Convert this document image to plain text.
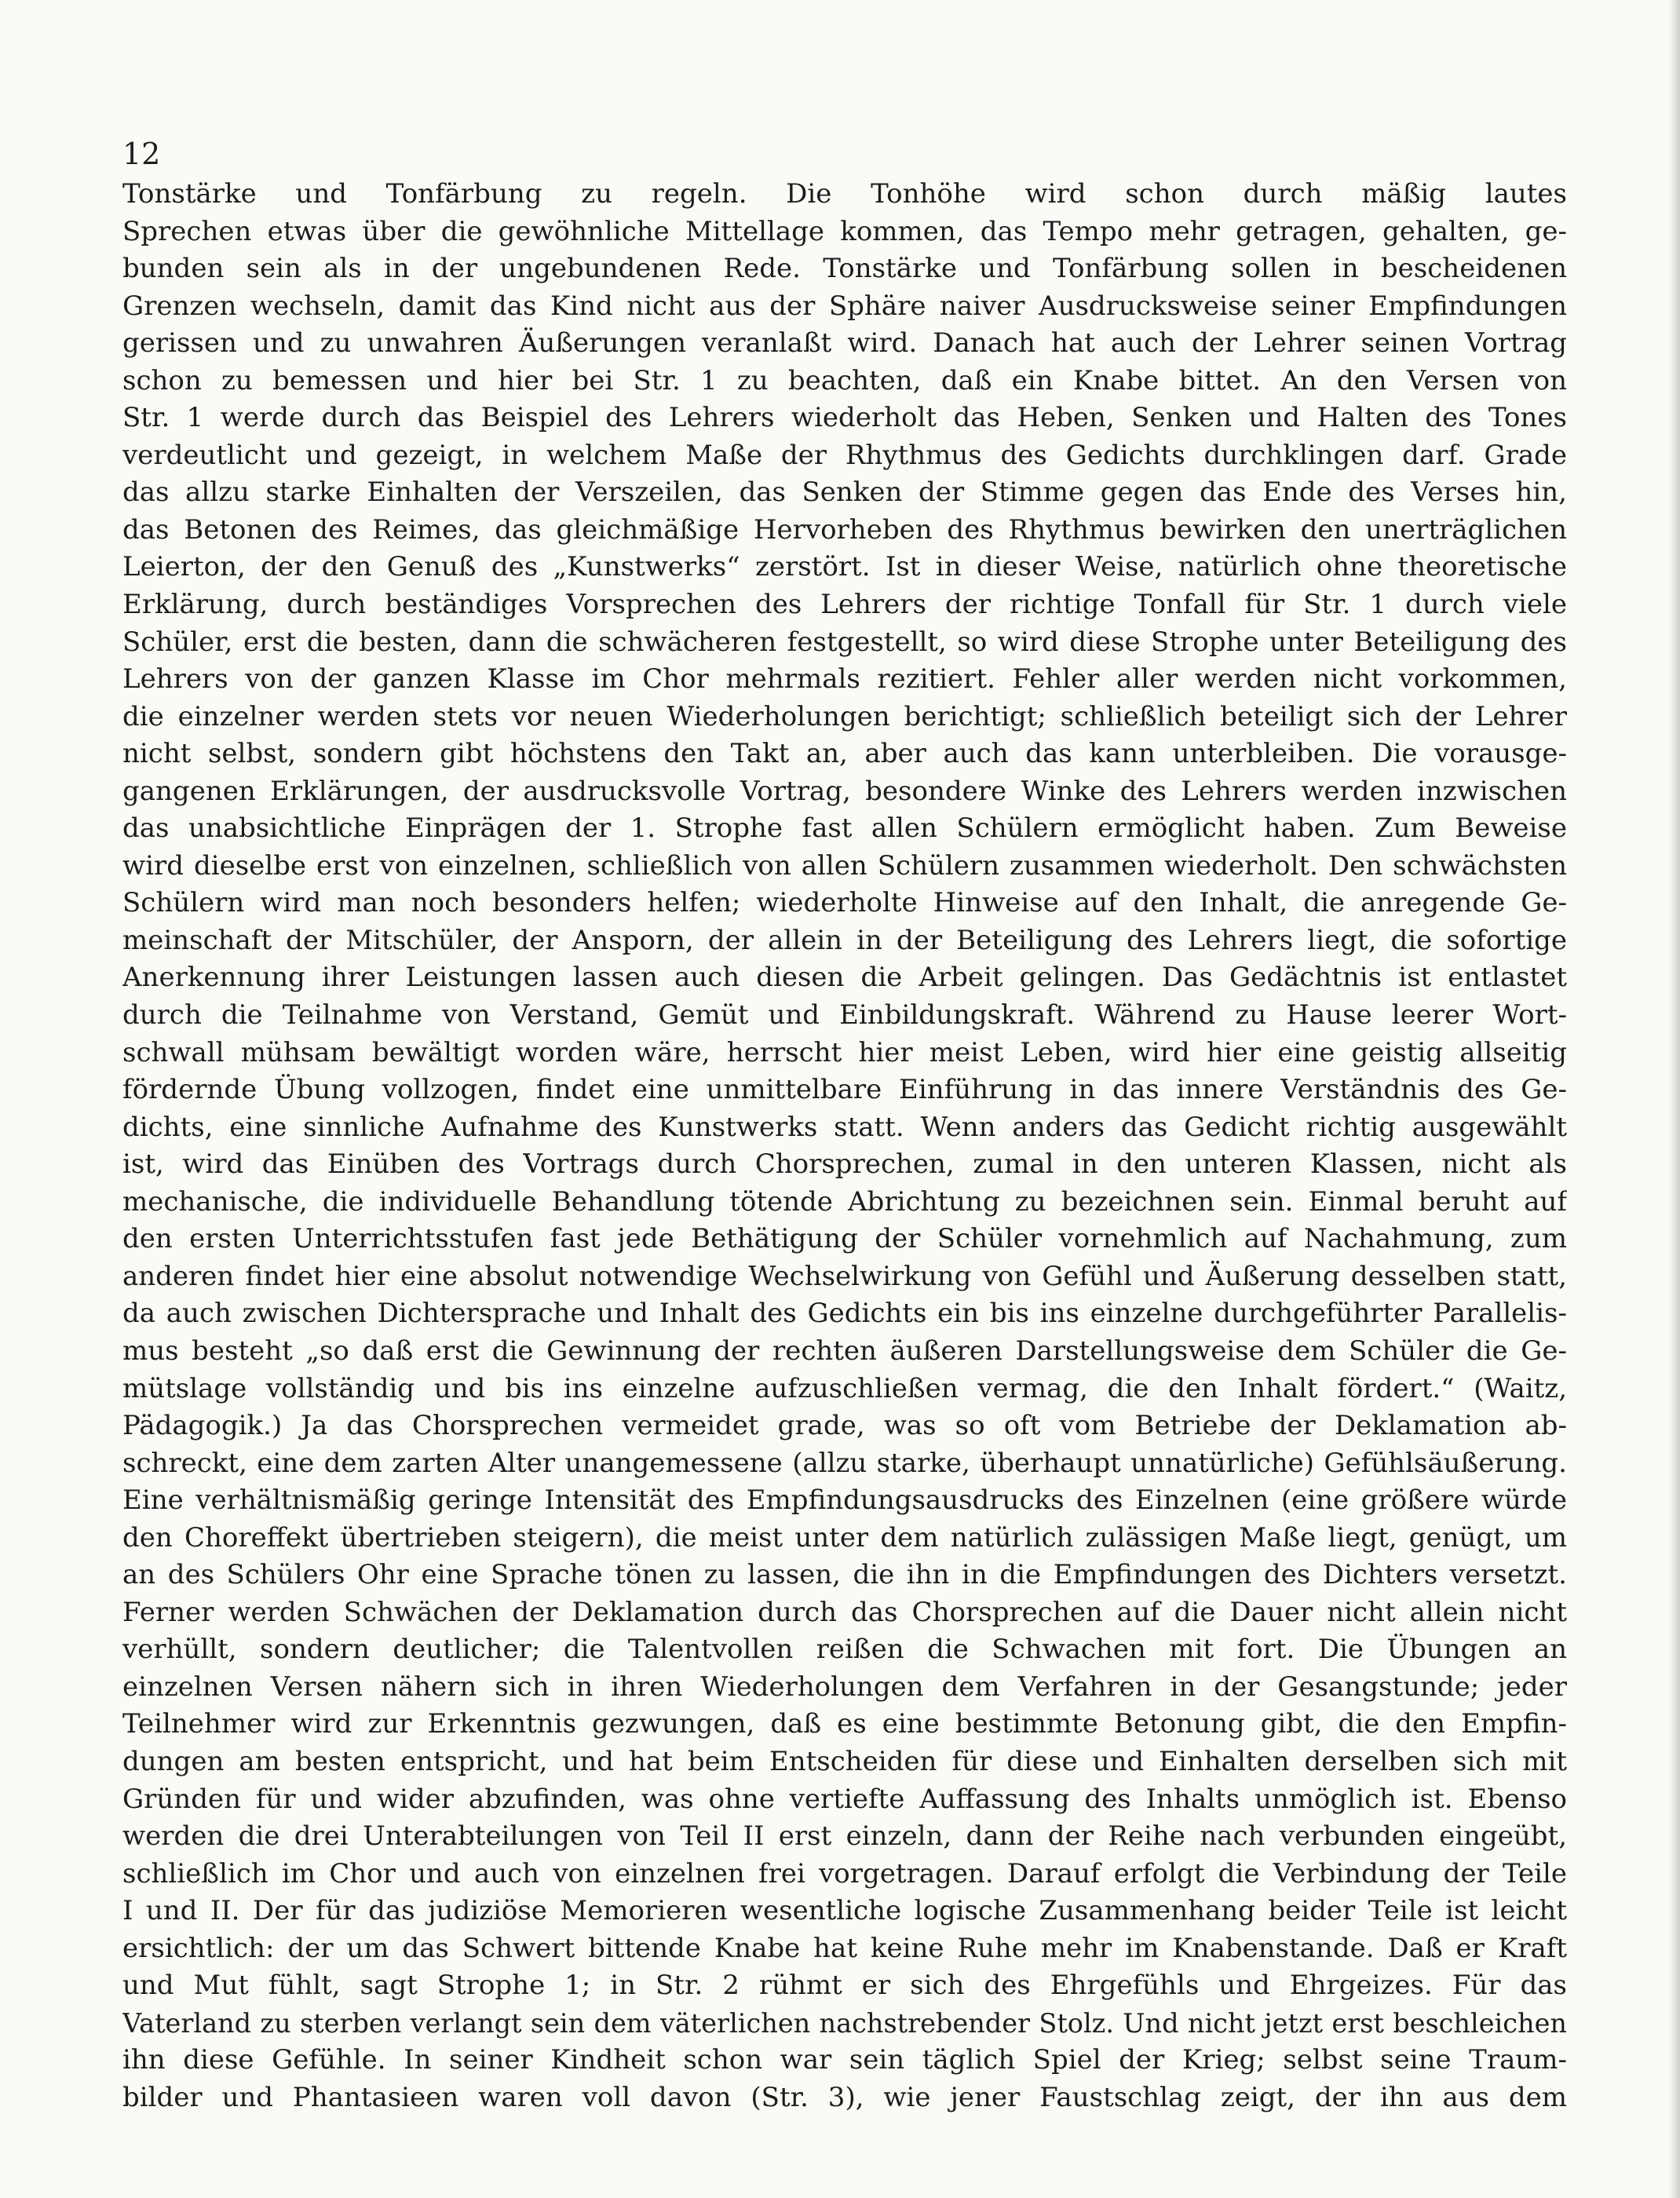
12
Tonstärke und Tonfärbung zu regeln. Die Tonhöhe wird schon durch mäßig lautes
Sprechen etwas über die gewöhnliche Mittellage kommen, das Tempo mehr getragen, gehalten, ge-
bunden sein als in der ungebundenen Rede. Tonstärke und Tonfärbung sollen in bescheidenen
Grenzen wechseln, damit das Kind nicht aus der Sphäre naiver Ausdrucksweise seiner Empfindungen
gerissen und zu unwahren Äußerungen veranlaßt wird. Danach hat auch der Lehrer seinen Vortrag
schon zu bemessen und hier bei Str. 1 zu beachten, daß ein Knabe bittet. An den Versen von
Str. 1 werde durch das Beispiel des Lehrers wiederholt das Heben, Senken und Halten des Tones
verdeutlicht und gezeigt, in welchem Maße der Rhythmus des Gedichts durchklingen darf. Grade
das allzu starke Einhalten der Verszeilen, das Senken der Stimme gegen das Ende des Verses hin,
das Betonen des Reimes, das gleichmäßige Hervorheben des Rhythmus bewirken den unerträglichen
Leierton, der den Genuß des „Kunstwerks“ zerstört. Ist in dieser Weise, natürlich ohne theoretische
Erklärung, durch beständiges Vorsprechen des Lehrers der richtige Tonfall für Str. 1 durch viele
Schüler, erst die besten, dann die schwächeren festgestellt, so wird diese Strophe unter Beteiligung des
Lehrers von der ganzen Klasse im Chor mehrmals rezitiert. Fehler aller werden nicht vorkommen,
die einzelner werden stets vor neuen Wiederholungen berichtigt; schließlich beteiligt sich der Lehrer
nicht selbst, sondern gibt höchstens den Takt an, aber auch das kann unterbleiben. Die vorausge-
gangenen Erklärungen, der ausdrucksvolle Vortrag, besondere Winke des Lehrers werden inzwischen
das unabsichtliche Einprägen der 1. Strophe fast allen Schülern ermöglicht haben. Zum Beweise
wird dieselbe erst von einzelnen, schließlich von allen Schülern zusammen wiederholt. Den schwächsten
Schülern wird man noch besonders helfen; wiederholte Hinweise auf den Inhalt, die anregende Ge-
meinschaft der Mitschüler, der Ansporn, der allein in der Beteiligung des Lehrers liegt, die sofortige
Anerkennung ihrer Leistungen lassen auch diesen die Arbeit gelingen. Das Gedächtnis ist entlastet
durch die Teilnahme von Verstand, Gemüt und Einbildungskraft. Während zu Hause leerer Wort-
schwall mühsam bewältigt worden wäre, herrscht hier meist Leben, wird hier eine geistig allseitig
fördernde Übung vollzogen, findet eine unmittelbare Einführung in das innere Verständnis des Ge-
dichts, eine sinnliche Aufnahme des Kunstwerks statt. Wenn anders das Gedicht richtig ausgewählt
ist, wird das Einüben des Vortrags durch Chorsprechen, zumal in den unteren Klassen, nicht als
mechanische, die individuelle Behandlung tötende Abrichtung zu bezeichnen sein. Einmal beruht auf
den ersten Unterrichtsstufen fast jede Bethätigung der Schüler vornehmlich auf Nachahmung, zum
anderen findet hier eine absolut notwendige Wechselwirkung von Gefühl und Äußerung desselben statt,
da auch zwischen Dichtersprache und Inhalt des Gedichts ein bis ins einzelne durchgeführter Parallelis-
mus besteht „so daß erst die Gewinnung der rechten äußeren Darstellungsweise dem Schüler die Ge-
mütslage vollständig und bis ins einzelne aufzuschließen vermag, die den Inhalt fördert.“ (Waitz,
Pädagogik.) Ja das Chorsprechen vermeidet grade, was so oft vom Betriebe der Deklamation ab-
schreckt, eine dem zarten Alter unangemessene (allzu starke, überhaupt unnatürliche) Gefühlsäußerung.
Eine verhältnismäßig geringe Intensität des Empfindungsausdrucks des Einzelnen (eine größere würde
den Choreffekt übertrieben steigern), die meist unter dem natürlich zulässigen Maße liegt, genügt, um
an des Schülers Ohr eine Sprache tönen zu lassen, die ihn in die Empfindungen des Dichters versetzt.
Ferner werden Schwächen der Deklamation durch das Chorsprechen auf die Dauer nicht allein nicht
verhüllt, sondern deutlicher; die Talentvollen reißen die Schwachen mit fort. Die Übungen an
einzelnen Versen nähern sich in ihren Wiederholungen dem Verfahren in der Gesangstunde; jeder
Teilnehmer wird zur Erkenntnis gezwungen, daß es eine bestimmte Betonung gibt, die den Empfin-
dungen am besten entspricht, und hat beim Entscheiden für diese und Einhalten derselben sich mit
Gründen für und wider abzufinden, was ohne vertiefte Auffassung des Inhalts unmöglich ist. Ebenso
werden die drei Unterabteilungen von Teil II erst einzeln, dann der Reihe nach verbunden eingeübt,
schließlich im Chor und auch von einzelnen frei vorgetragen. Darauf erfolgt die Verbindung der Teile
I und II. Der für das judiziöse Memorieren wesentliche logische Zusammenhang beider Teile ist leicht
ersichtlich: der um das Schwert bittende Knabe hat keine Ruhe mehr im Knabenstande. Daß er Kraft
und Mut fühlt, sagt Strophe 1; in Str. 2 rühmt er sich des Ehrgefühls und Ehrgeizes. Für das
Vaterland zu sterben verlangt sein dem väterlichen nachstrebender Stolz. Und nicht jetzt erst beschleichen
ihn diese Gefühle. In seiner Kindheit schon war sein täglich Spiel der Krieg; selbst seine Traum-
bilder und Phantasieen waren voll davon (Str. 3), wie jener Faustschlag zeigt, der ihn aus dem
